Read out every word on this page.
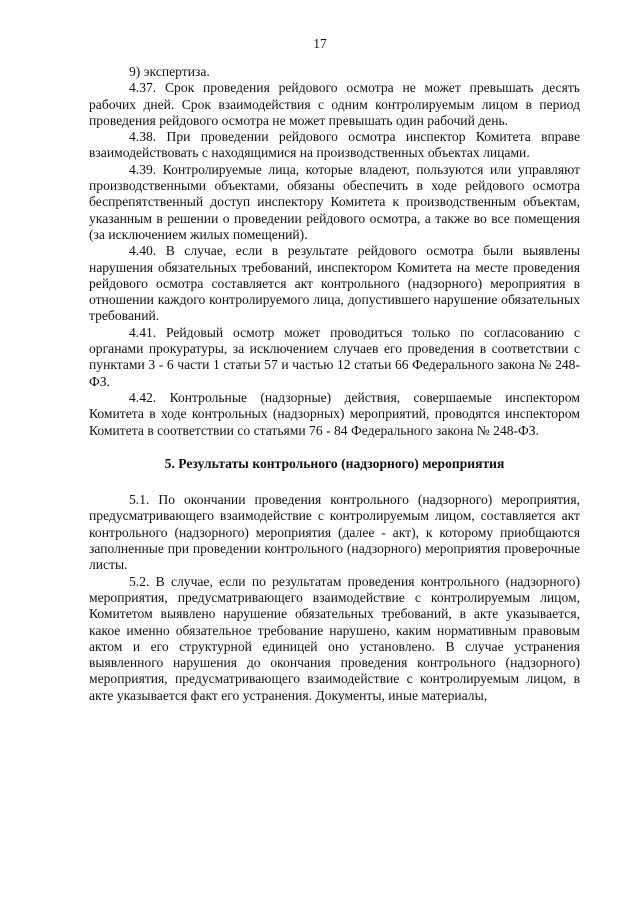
17

9) экспертиза.

4.37. Срок проведения рейдового осмотра не может превышать десять рабочих дней. Срок взаимодействия с одним контролируемым лицом в период проведения рейдового осмотра не может превышать один рабочий день.

4.38. При проведении рейдового осмотра инспектор Комитета вправе взаимодействовать с находящимися на производственных объектах лицами.

4.39. Контролируемые лица, которые владеют, пользуются или управляют производственными объектами, обязаны обеспечить в ходе рейдового осмотра беспрепятственный доступ инспектору Комитета к производственным объектам, указанным в решении о проведении рейдового осмотра, а также во все помещения (за исключением жилых помещений).

4.40. В случае, если в результате рейдового осмотра были выявлены нарушения обязательных требований, инспектором Комитета на месте проведения рейдового осмотра составляется акт контрольного (надзорного) мероприятия в отношении каждого контролируемого лица, допустившего нарушение обязательных требований.

4.41. Рейдовый осмотр может проводиться только по согласованию с органами прокуратуры, за исключением случаев его проведения в соответствии с пунктами 3 - 6 части 1 статьи 57 и частью 12 статьи 66 Федерального закона № 248-ФЗ.

4.42. Контрольные (надзорные) действия, совершаемые инспектором Комитета в ходе контрольных (надзорных) мероприятий, проводятся инспектором Комитета в соответствии со статьями 76 - 84 Федерального закона № 248-ФЗ.

5. Результаты контрольного (надзорного) мероприятия

5.1. По окончании проведения контрольного (надзорного) мероприятия, предусматривающего взаимодействие с контролируемым лицом, составляется акт контрольного (надзорного) мероприятия (далее - акт), к которому приобщаются заполненные при проведении контрольного (надзорного) мероприятия проверочные листы.

5.2. В случае, если по результатам проведения контрольного (надзорного) мероприятия, предусматривающего взаимодействие с контролируемым лицом, Комитетом выявлено нарушение обязательных требований, в акте указывается, какое именно обязательное требование нарушено, каким нормативным правовым актом и его структурной единицей оно установлено. В случае устранения выявленного нарушения до окончания проведения контрольного (надзорного) мероприятия, предусматривающего взаимодействие с контролируемым лицом, в акте указывается факт его устранения. Документы, иные материалы,
